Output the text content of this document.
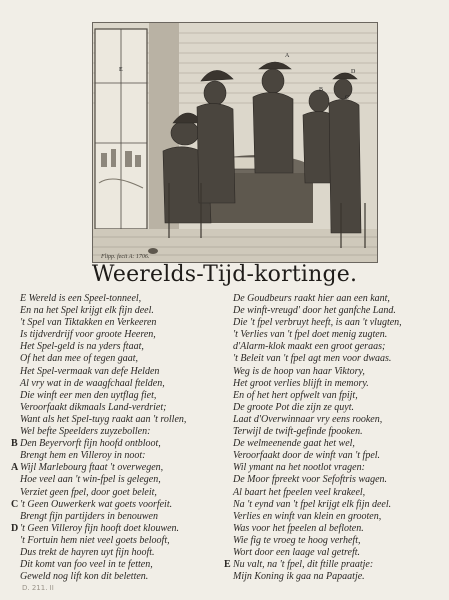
E
A
B
C
D
Flipp. fecit A: 1706.
Weerelds-Tijd-kortinge.
E Wereld is een Speel-tonneel,
En na het Spel krijgt elk fijn deel.
't Spel van Tiktakken en Verkeeren
Is tijdverdrijf voor groote Heeren,
Het Spel-geld is na yders ftaat,
Of het dan mee of tegen gaat,
Het Spel-vermaak van defe Helden
Al vry wat in de waagfchaal ftelden,
Die winft eer men den uytflag fiet,
Veroorfaakt dikmaals Land-verdriet;
Want als het Spel-tuyg raakt aan 't rollen,
Wel befte Speelders zuyzebollen:
B Den Beyervorft fijn hoofd ontbloot,
Brengt hem en Villeroy in noot:
A Wijl Marlebourg ftaat 't overwegen,
Hoe veel aan 't win-fpel is gelegen,
Verziet geen fpel, door goet beleit,
C 't Geen Ouwerkerk wat goets voorfeit.
Brengt fijn partijders in benouwen
D 't Geen Villeroy fijn hooft doet klouwen.
't Fortuin hem niet veel goets belooft,
Dus trekt de hayren uyt fijn hooft.
Dit komt van foo veel in te fetten,
Geweld nog lift kon dit beletten.
De Goudbeurs raakt hier aan een kant,
De winft-vreugd' door het ganfche Land.
Die 't fpel verbruyt heeft, is aan 't vlugten,
't Verlies van 't fpel doet menig zugten.
d'Alarm-klok maakt een groot geraas;
't Beleit van 't fpel agt men voor dwaas.
Weg is de hoop van haar Viktory,
Het groot verlies blijft in memory.
En of het hert opfwelt van fpijt,
De groote Pot die zijn ze quyt.
Laat d'Overwinnaar vry eens rooken,
Terwijl de twift-gefinde fpooken.
De welmeenende gaat het wel,
Veroorfaakt door de winft van 't fpel.
Wil ymant na het nootlot vragen:
De Moor fpreekt voor Sefoftris wagen.
Al baart het fpeelen veel krakeel,
Na 't eynd van 't fpel krijgt elk fijn deel.
Verlies en winft van klein en grooten,
Was voor het fpeelen al befloten.
Wie fig te vroeg te hoog verheft,
Wort door een laage val getreft.
E Nu valt, na 't fpel, dit ftille praatje:
Mijn Koning ik gaa na Papaatje.
D. 211. II
